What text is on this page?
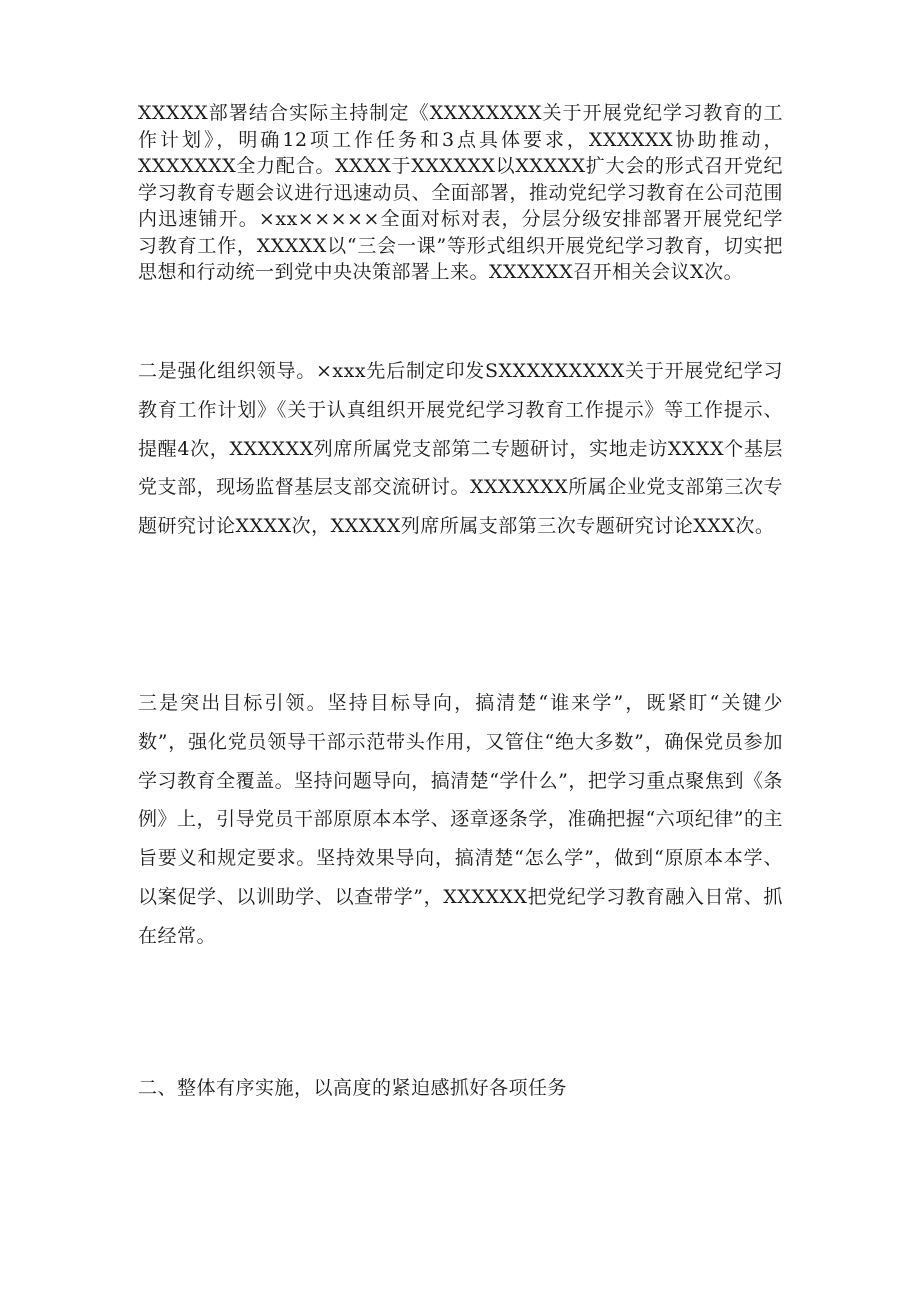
XXXXX部署结合实际主持制定《XXXXXXXX关于开展党纪学习教育的工作计划》，明确12项工作任务和3点具体要求，XXXXXX协助推动，XXXXXXX全力配合。XXXX于XXXXXX以XXXXX扩大会的形式召开党纪学习教育专题会议进行迅速动员、全面部署，推动党纪学习教育在公司范围内迅速铺开。×xx×××××全面对标对表，分层分级安排部署开展党纪学习教育工作，XXXXX以“三会一课”等形式组织开展党纪学习教育，切实把思想和行动统一到党中央决策部署上来。XXXXXX召开相关会议X次。

二是强化组织领导。×xxx先后制定印发SXXXXXXXXX关于开展党纪学习教育工作计划》《关于认真组织开展党纪学习教育工作提示》等工作提示、提醒4次，XXXXXX列席所属党支部第二专题研讨，实地走访XXXX个基层党支部，现场监督基层支部交流研讨。XXXXXXX所属企业党支部第三次专题研究讨论XXXX次，XXXXX列席所属支部第三次专题研究讨论XXX次。

三是突出目标引领。坚持目标导向，搞清楚“谁来学”，既紧盯“关键少数”，强化党员领导干部示范带头作用，又管住“绝大多数”，确保党员参加学习教育全覆盖。坚持问题导向，搞清楚“学什么”，把学习重点聚焦到《条例》上，引导党员干部原原本本学、逐章逐条学，准确把握“六项纪律”的主旨要义和规定要求。坚持效果导向，搞清楚“怎么学”，做到“原原本本学、以案促学、以训助学、以查带学”，XXXXXX把党纪学习教育融入日常、抓在经常。

二、整体有序实施，以高度的紧迫感抓好各项任务
